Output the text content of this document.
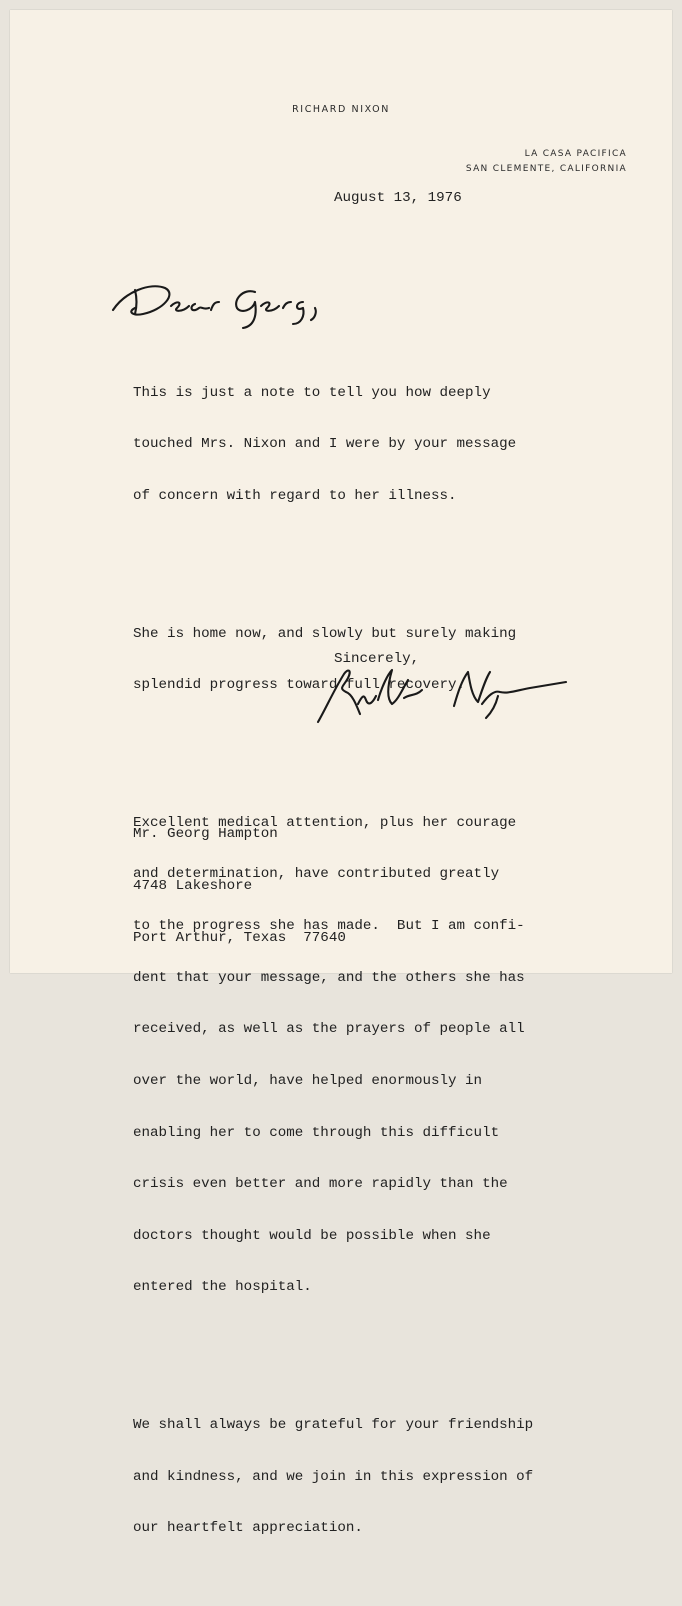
RICHARD NIXON
LA CASA PACIFICA
SAN CLEMENTE, CALIFORNIA
August 13, 1976

This is just a note to tell you how deeply

touched Mrs. Nixon and I were by your message

of concern with regard to her illness.

She is home now, and slowly but surely making

splendid progress toward full recovery.

Excellent medical attention, plus her courage

and determination, have contributed greatly

to the progress she has made.  But I am confi-

dent that your message, and the others she has

received, as well as the prayers of people all

over the world, have helped enormously in

enabling her to come through this difficult

crisis even better and more rapidly than the

doctors thought would be possible when she

entered the hospital.

We shall always be grateful for your friendship

and kindness, and we join in this expression of

our heartfelt appreciation.

Sincerely,

Mr. Georg Hampton

4748 Lakeshore

Port Arthur, Texas  77640
